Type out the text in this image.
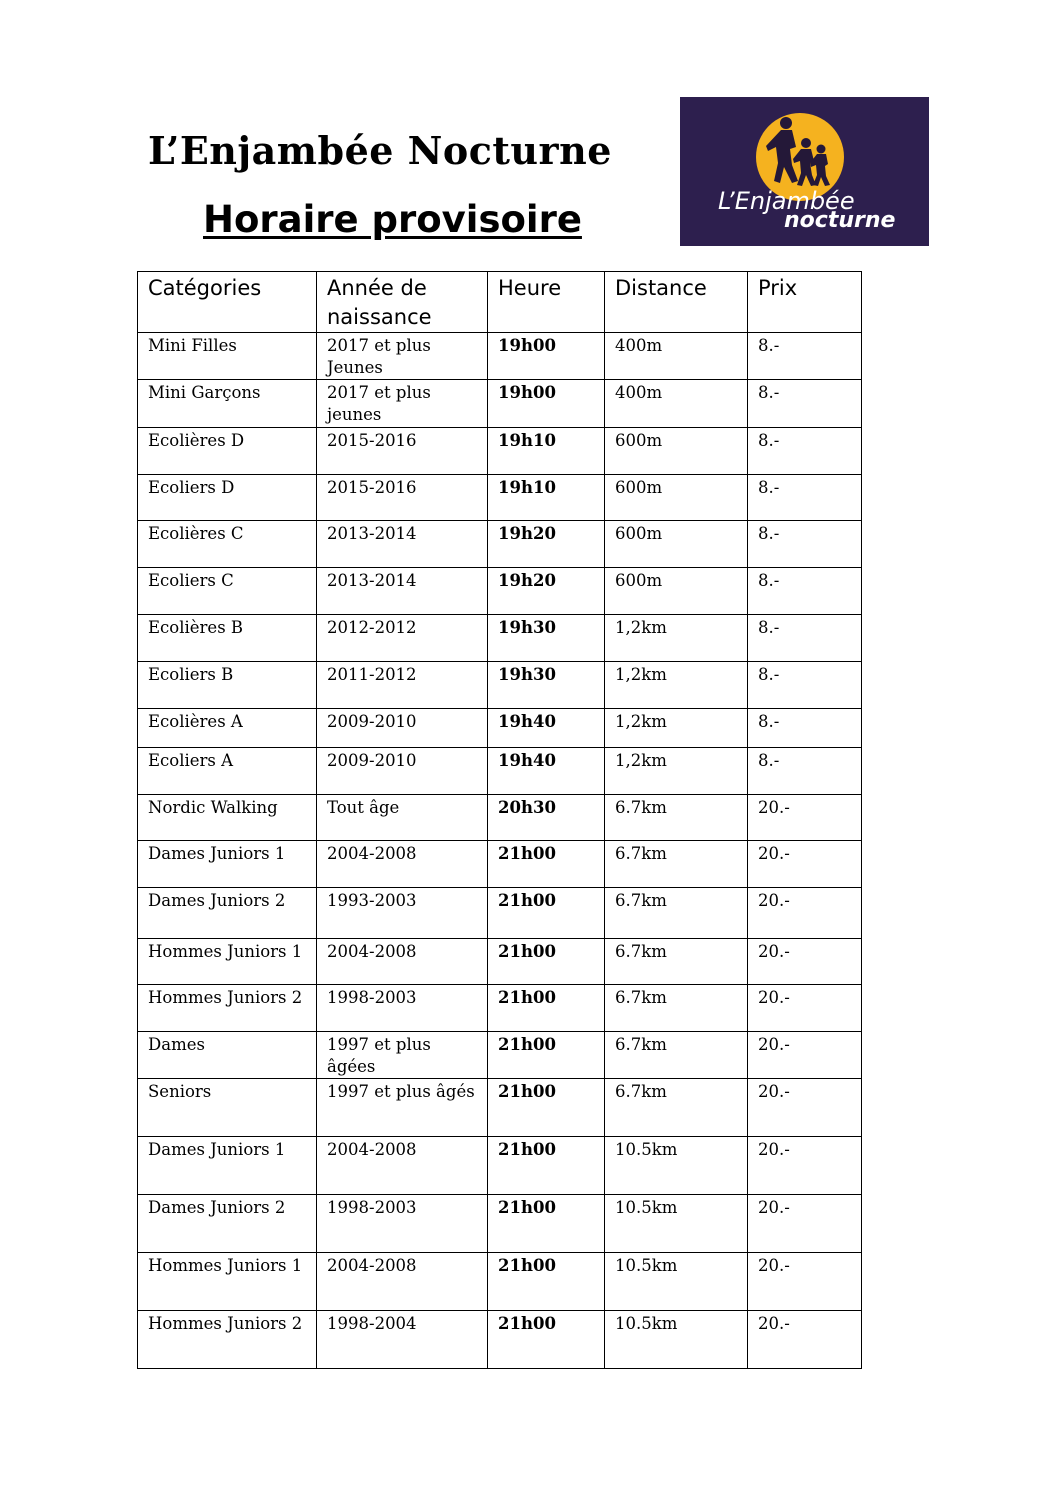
L’Enjambée Nocturne
Horaire provisoire	L’Enjambée
nocturne
Catégories	Année de naissance	Heure	Distance	Prix
Mini Filles	2017 et plus Jeunes	19h00	400m	8.-
Mini Garçons	2017 et plus jeunes	19h00	400m	8.-
Ecolières D	2015-2016	19h10	600m	8.-
Ecoliers D	2015-2016	19h10	600m	8.-
Ecolières C	2013-2014	19h20	600m	8.-
Ecoliers C	2013-2014	19h20	600m	8.-
Ecolières B	2012-2012	19h30	1,2km	8.-
Ecoliers B	2011-2012	19h30	1,2km	8.-
Ecolières A	2009-2010	19h40	1,2km	8.-
Ecoliers A	2009-2010	19h40	1,2km	8.-
Nordic Walking	Tout âge	20h30	6.7km	20.-
Dames Juniors 1	2004-2008	21h00	6.7km	20.-
Dames Juniors 2	1993-2003	21h00	6.7km	20.-
Hommes Juniors 1	2004-2008	21h00	6.7km	20.-
Hommes Juniors 2	1998-2003	21h00	6.7km	20.-
Dames	1997 et plus âgées	21h00	6.7km	20.-
Seniors	1997 et plus âgés	21h00	6.7km	20.-
Dames Juniors 1	2004-2008	21h00	10.5km	20.-
Dames Juniors 2	1998-2003	21h00	10.5km	20.-
Hommes Juniors 1	2004-2008	21h00	10.5km	20.-
Hommes Juniors 2	1998-2004	21h00	10.5km	20.-
